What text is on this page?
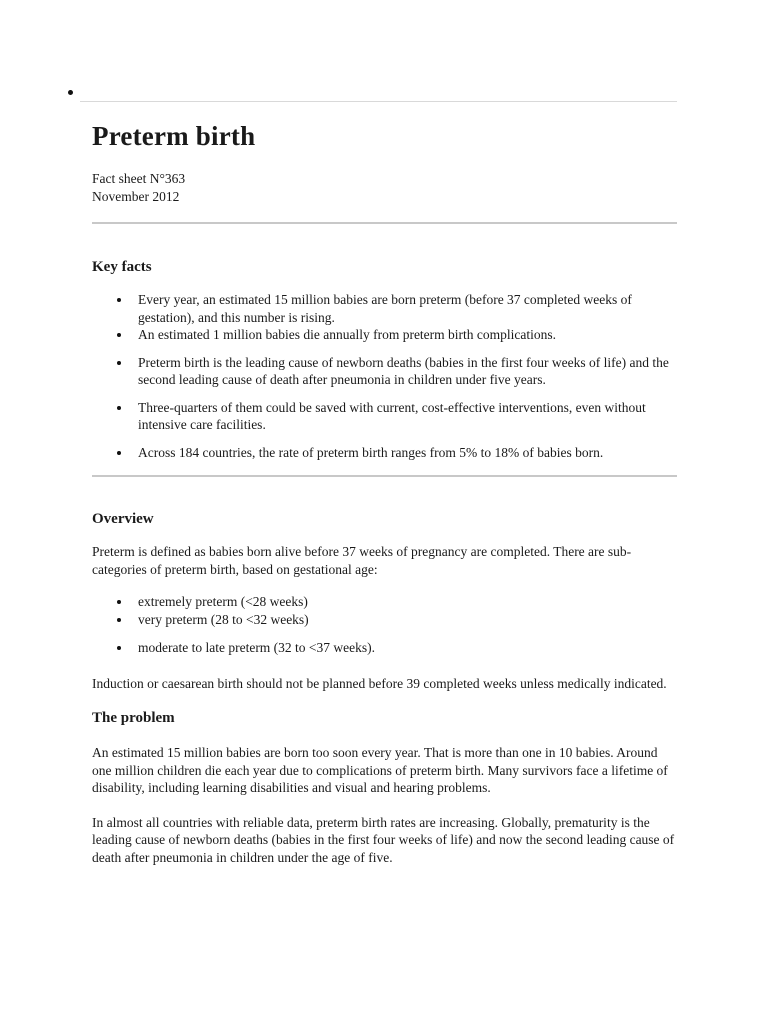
Preterm birth
Fact sheet N°363
November 2012
Key facts
Every year, an estimated 15 million babies are born preterm (before 37 completed weeks of gestation), and this number is rising.
An estimated 1 million babies die annually from preterm birth complications.
Preterm birth is the leading cause of newborn deaths (babies in the first four weeks of life) and the second leading cause of death after pneumonia in children under five years.
Three-quarters of them could be saved with current, cost-effective interventions, even without intensive care facilities.
Across 184 countries, the rate of preterm birth ranges from 5% to 18% of babies born.
Overview

Preterm is defined as babies born alive before 37 weeks of pregnancy are completed. There are sub-categories of preterm birth, based on gestational age:

extremely preterm (<28 weeks)
very preterm (28 to <32 weeks)
moderate to late preterm (32 to <37 weeks).

Induction or caesarean birth should not be planned before 39 completed weeks unless medically indicated.

The problem

An estimated 15 million babies are born too soon every year. That is more than one in 10 babies. Around one million children die each year due to complications of preterm birth. Many survivors face a lifetime of disability, including learning disabilities and visual and hearing problems.

In almost all countries with reliable data, preterm birth rates are increasing. Globally, prematurity is the leading cause of newborn deaths (babies in the first four weeks of life) and now the second leading cause of death after pneumonia in children under the age of five.
